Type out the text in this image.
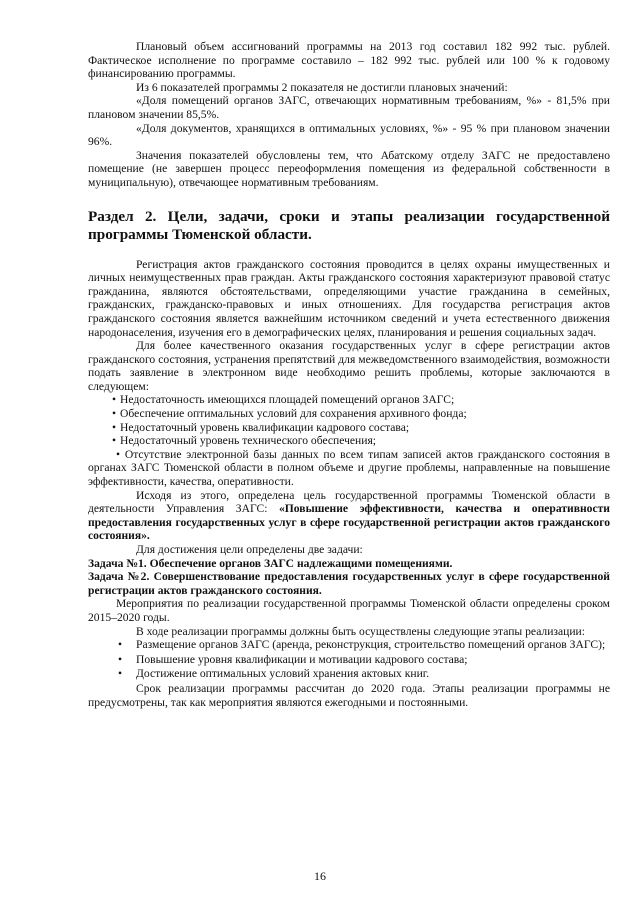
Плановый объем ассигнований программы на 2013 год составил 182 992 тыс. рублей. Фактическое исполнение по программе составило – 182 992 тыс. рублей или 100 % к годовому финансированию программы.

Из 6 показателей программы 2 показателя не достигли плановых значений:

«Доля помещений органов ЗАГС, отвечающих нормативным требованиям, %» - 81,5% при плановом значении 85,5%.

«Доля документов, хранящихся в оптимальных условиях, %» - 95 % при плановом значении 96%.

Значения показателей обусловлены тем, что Абатскому отделу ЗАГС не предоставлено помещение (не завершен процесс переоформления помещения из федеральной собственности в муниципальную), отвечающее нормативным требованиям.

Раздел 2. Цели, задачи, сроки и этапы реализации государственной программы Тюменской области.

Регистрация актов гражданского состояния проводится в целях охраны имущественных и личных неимущественных прав граждан. Акты гражданского состояния характеризуют правовой статус гражданина, являются обстоятельствами, определяющими участие гражданина в семейных, гражданских, гражданско-правовых и иных отношениях. Для государства регистрация актов гражданского состояния является важнейшим источником сведений и учета естественного движения народонаселения, изучения его в демографических целях, планирования и решения социальных задач.

Для более качественного оказания государственных услуг в сфере регистрации актов гражданского состояния, устранения препятствий для межведомственного взаимодействия, возможности подать заявление в электронном виде необходимо решить проблемы, которые заключаются в следующем:

• Недостаточность имеющихся площадей помещений органов ЗАГС;
• Обеспечение оптимальных условий для сохранения архивного фонда;
• Недостаточный уровень квалификации кадрового состава;
• Недостаточный уровень технического обеспечения;

• Отсутствие электронной базы данных по всем типам записей актов гражданского состояния в органах ЗАГС Тюменской области в полном объеме и другие проблемы, направленные на повышение эффективности, качества, оперативности.

Исходя из этого, определена цель государственной программы Тюменской области в деятельности Управления ЗАГС: «Повышение эффективности, качества и оперативности предоставления государственных услуг в сфере государственной регистрации актов гражданского состояния».

Для достижения цели определены две задачи:

Задача №1. Обеспечение органов ЗАГС надлежащими помещениями.

Задача №2. Совершенствование предоставления государственных услуг в сфере государственной регистрации актов гражданского состояния.

Мероприятия по реализации государственной программы Тюменской области определены сроком 2015–2020 годы.

В ходе реализации программы должны быть осуществлены следующие этапы реализации:

• Размещение органов ЗАГС (аренда, реконструкция, строительство помещений органов ЗАГС);
• Повышение уровня квалификации и мотивации кадрового состава;
• Достижение оптимальных условий хранения актовых книг.

Срок реализации программы рассчитан до 2020 года. Этапы реализации программы не предусмотрены, так как мероприятия являются ежегодными и постоянными.

16
